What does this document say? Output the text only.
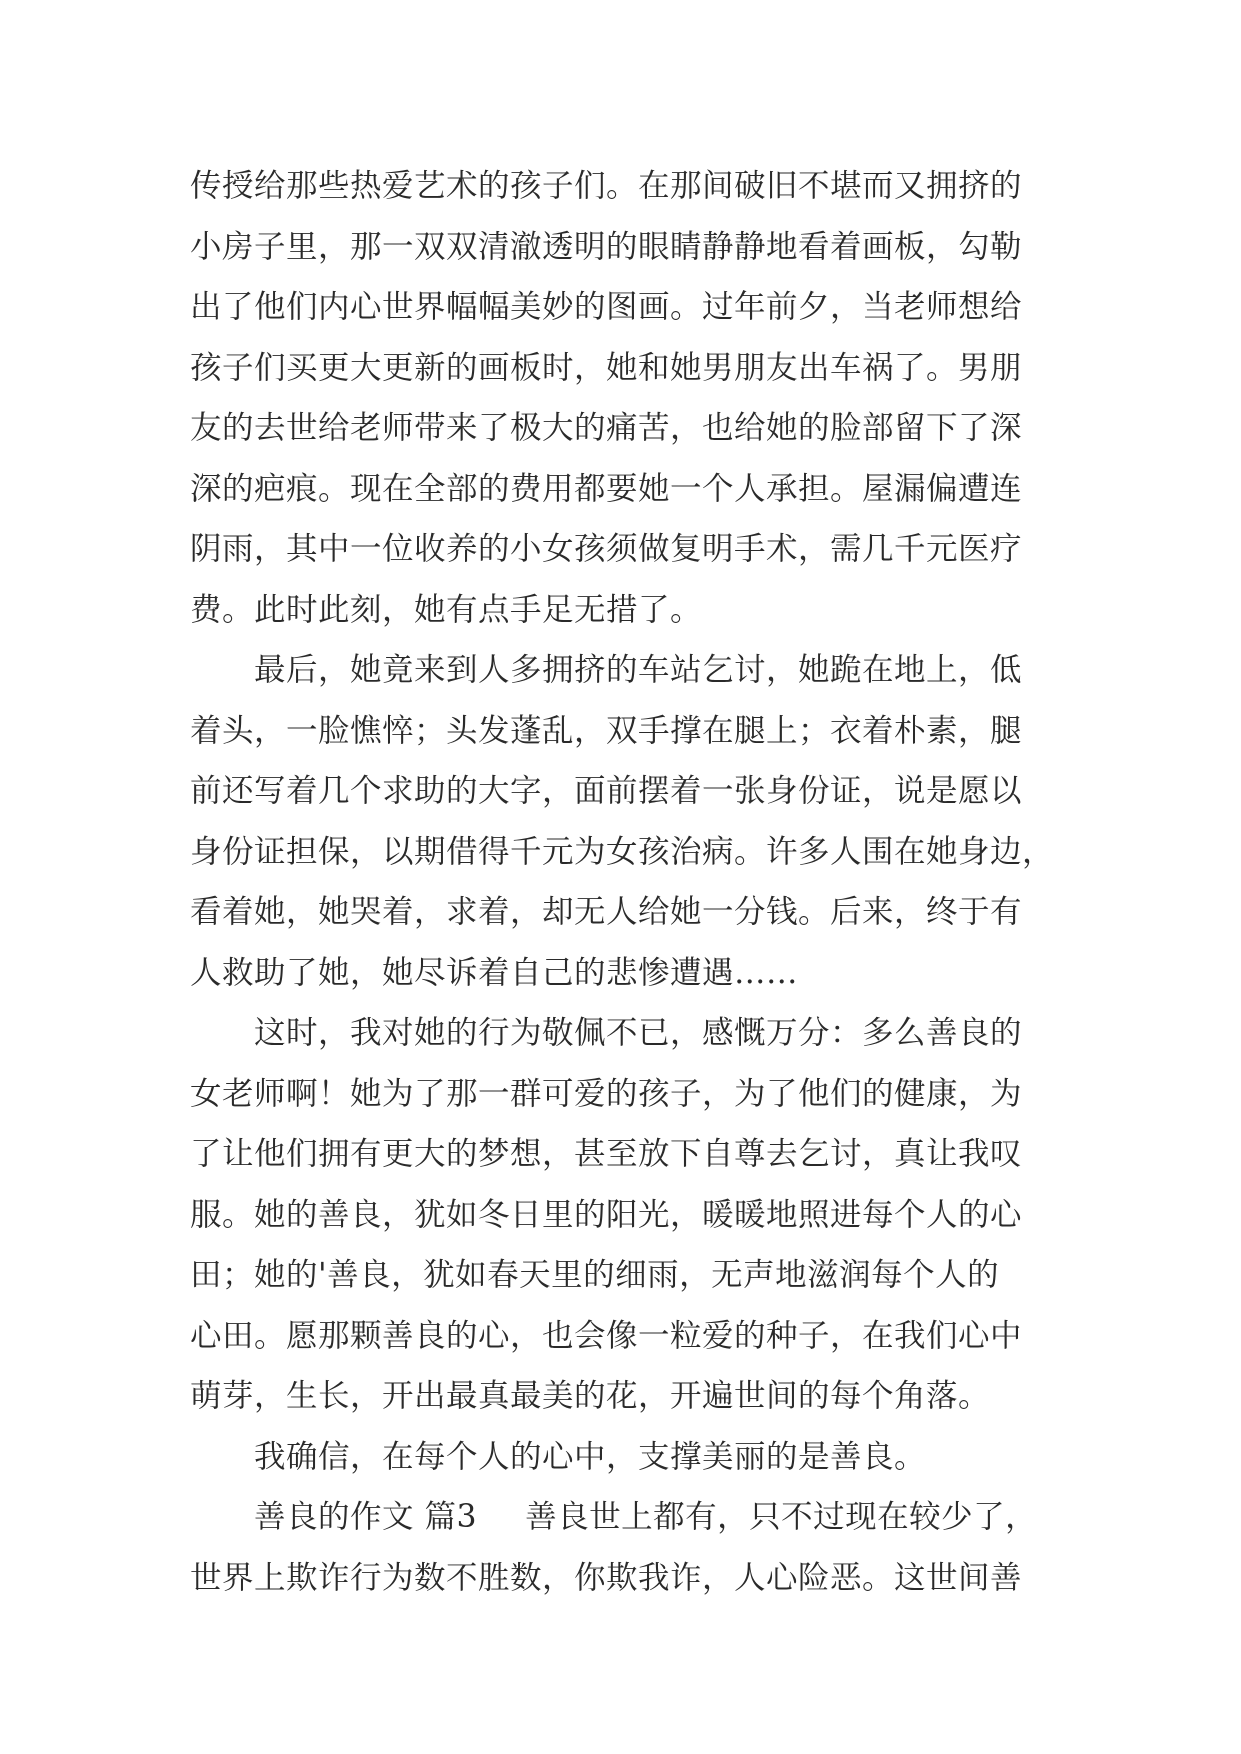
传授给那些热爱艺术的孩子们。在那间破旧不堪而又拥挤的
小房子里，那一双双清澈透明的眼睛静静地看着画板，勾勒
出了他们内心世界幅幅美妙的图画。过年前夕，当老师想给
孩子们买更大更新的画板时，她和她男朋友出车祸了。男朋
友的去世给老师带来了极大的痛苦，也给她的脸部留下了深
深的疤痕。现在全部的费用都要她一个人承担。屋漏偏遭连
阴雨，其中一位收养的小女孩须做复明手术，需几千元医疗
费。此时此刻，她有点手足无措了。
最后，她竟来到人多拥挤的车站乞讨，她跪在地上，低
着头，一脸憔悴；头发蓬乱，双手撑在腿上；衣着朴素，腿
前还写着几个求助的大字，面前摆着一张身份证，说是愿以
身份证担保，以期借得千元为女孩治病。许多人围在她身边，
看着她，她哭着，求着，却无人给她一分钱。后来，终于有
人救助了她，她尽诉着自己的悲惨遭遇……
这时，我对她的行为敬佩不已，感慨万分：多么善良的
女老师啊！她为了那一群可爱的孩子，为了他们的健康，为
了让他们拥有更大的梦想，甚至放下自尊去乞讨，真让我叹
服。她的善良，犹如冬日里的阳光，暖暖地照进每个人的心
田；她的'善良，犹如春天里的细雨，无声地滋润每个人的
心田。愿那颗善良的心，也会像一粒爱的种子，在我们心中
萌芽，生长，开出最真最美的花，开遍世间的每个角落。
我确信，在每个人的心中，支撑美丽的是善良。
善良的作文 篇3 善良世上都有，只不过现在较少了，
世界上欺诈行为数不胜数，你欺我诈，人心险恶。这世间善
